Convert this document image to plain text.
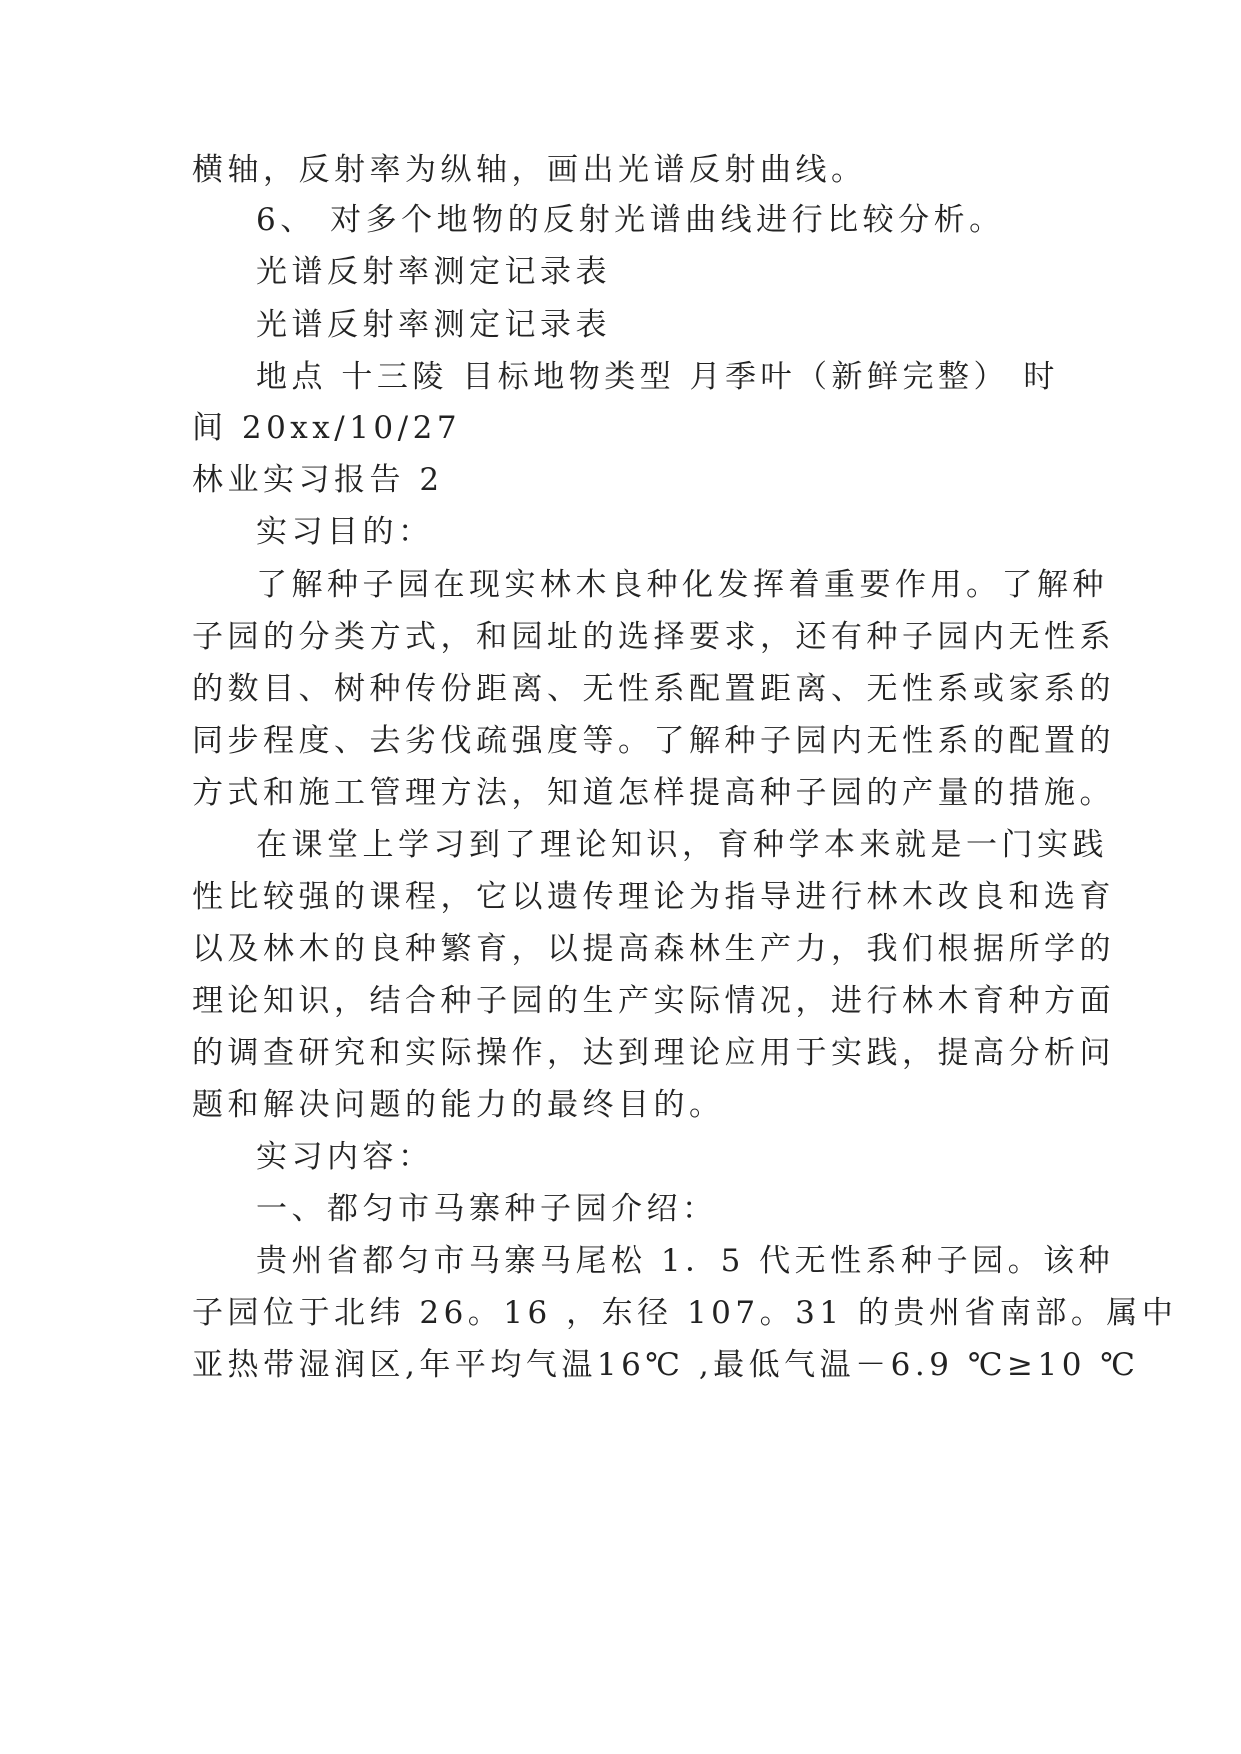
横轴，反射率为纵轴，画出光谱反射曲线。
6、 对多个地物的反射光谱曲线进行比较分析。
光谱反射率测定记录表
光谱反射率测定记录表
地点 十三陵 目标地物类型 月季叶（新鲜完整） 时
间 20xx/10/27
林业实习报告 2
实习目的：
了解种子园在现实林木良种化发挥着重要作用。了解种
子园的分类方式，和园址的选择要求，还有种子园内无性系
的数目、树种传份距离、无性系配置距离、无性系或家系的
同步程度、去劣伐疏强度等。了解种子园内无性系的配置的
方式和施工管理方法，知道怎样提高种子园的产量的措施。
在课堂上学习到了理论知识，育种学本来就是一门实践
性比较强的课程，它以遗传理论为指导进行林木改良和选育
以及林木的良种繁育，以提高森林生产力，我们根据所学的
理论知识，结合种子园的生产实际情况，进行林木育种方面
的调查研究和实际操作，达到理论应用于实践，提高分析问
题和解决问题的能力的最终目的。
实习内容：
一、都匀市马寨种子园介绍：
贵州省都匀市马寨马尾松 1．5 代无性系种子园。该种
子园位于北纬 26。16 ，东径 107。31 的贵州省南部。属中
亚热带湿润区,年平均气温16℃ ,最低气温－6.9 ℃≥10 ℃
